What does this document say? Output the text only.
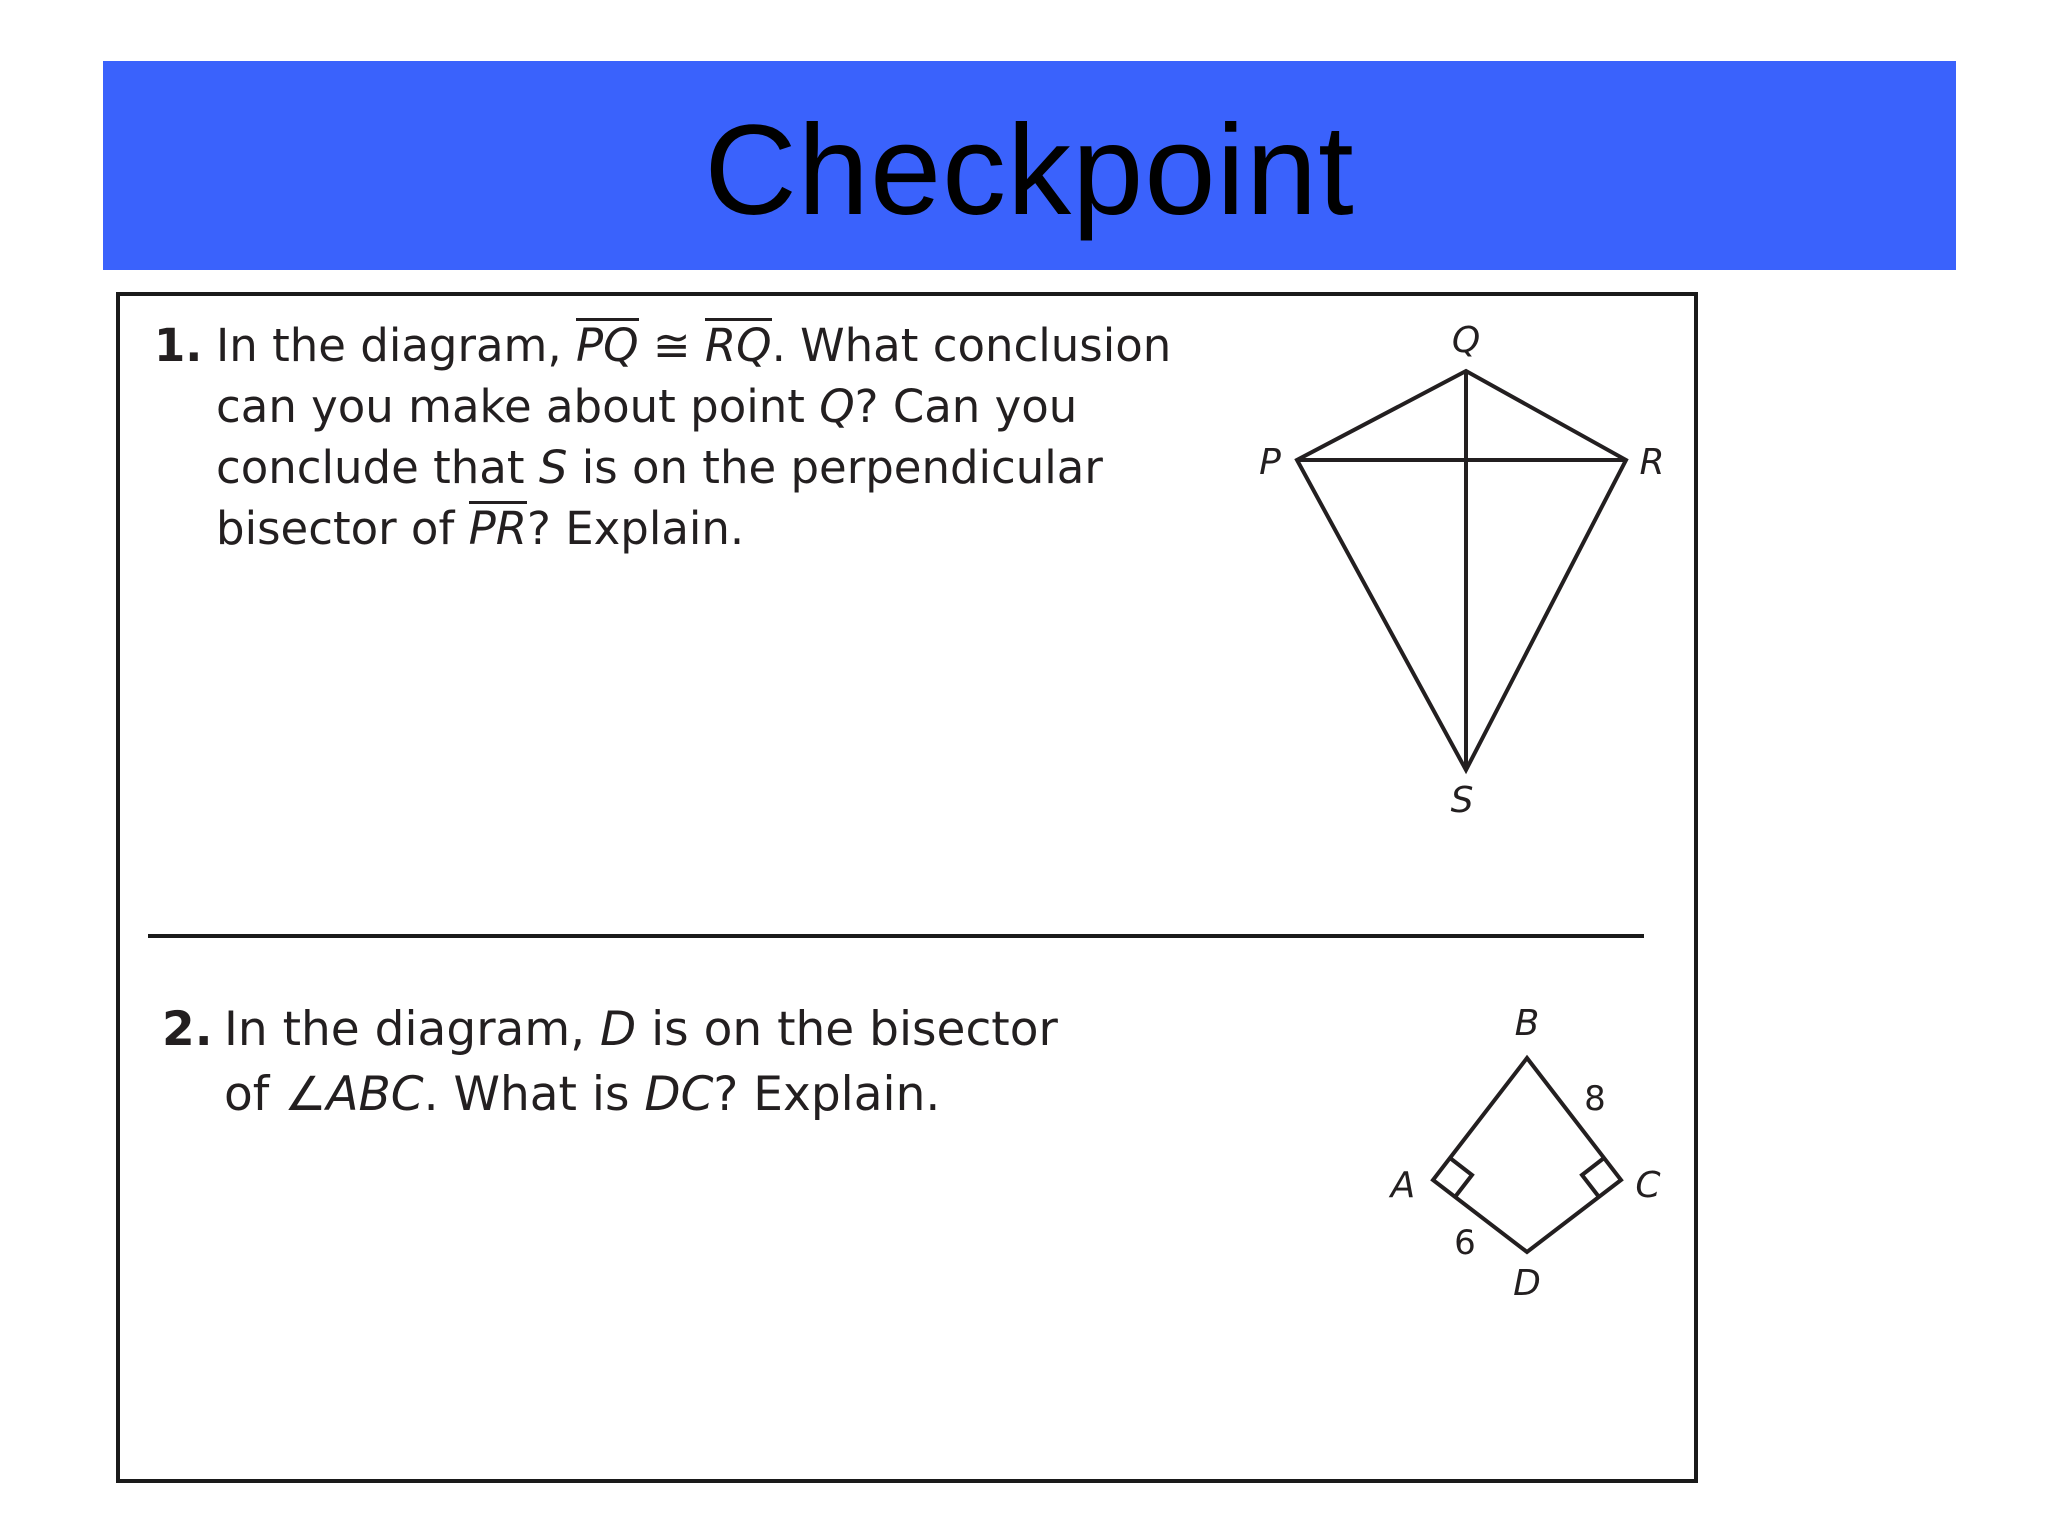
Checkpoint
1. In the diagram, PQ ≅ RQ. What conclusion
can you make about point Q? Can you
conclude that S is on the perpendicular
bisector of PR? Explain.
Q
P	R
S
2. In the diagram, D is on the bisector
of ∠ABC. What is DC? Explain.
B
A	C
D
8
6
